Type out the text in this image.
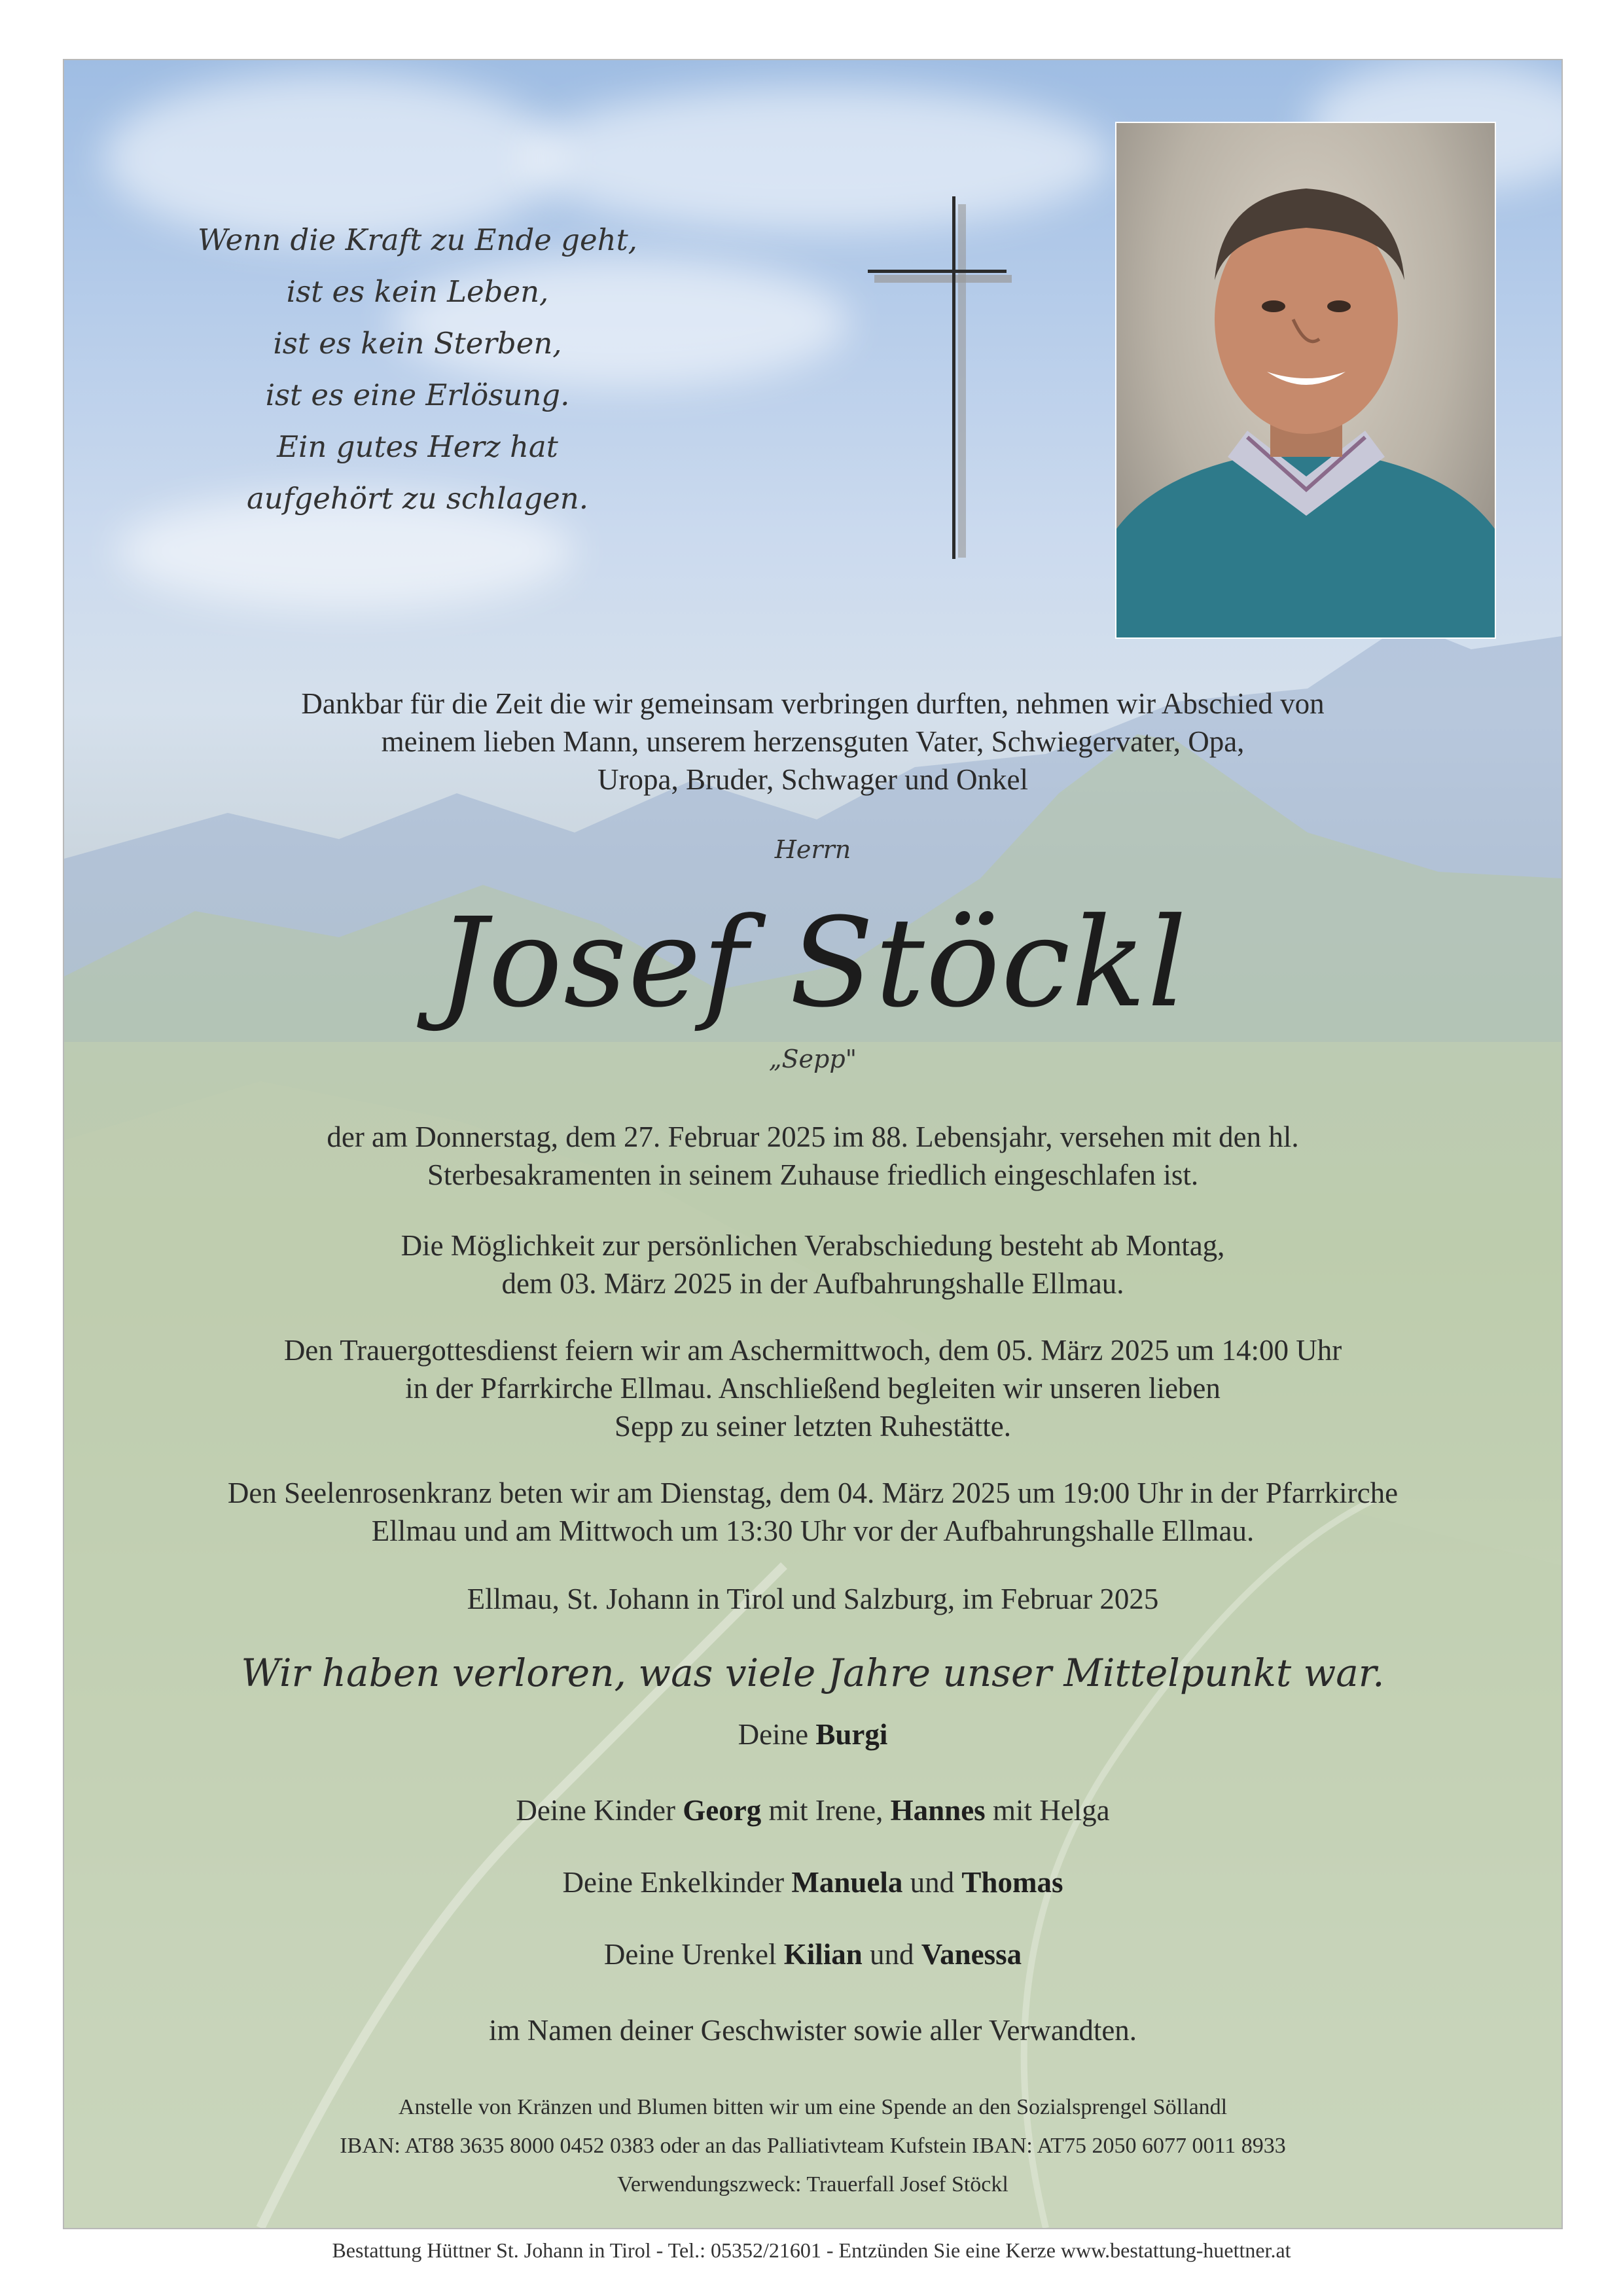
Wenn die Kraft zu Ende geht,
ist es kein Leben,
ist es kein Sterben,
ist es eine Erlösung.
Ein gutes Herz hat
aufgehört zu schlagen.
Dankbar für die Zeit die wir gemeinsam verbringen durften, nehmen wir Abschied von
meinem lieben Mann, unserem herzensguten Vater, Schwiegervater, Opa,
Uropa, Bruder, Schwager und Onkel
Herrn
Josef Stöckl
„Sepp"
der am Donnerstag, dem 27. Februar 2025 im 88. Lebensjahr, versehen mit den hl.
Sterbesakramenten in seinem Zuhause friedlich eingeschlafen ist.
Die Möglichkeit zur persönlichen Verabschiedung besteht ab Montag,
dem 03. März 2025 in der Aufbahrungshalle Ellmau.
Den Trauergottesdienst feiern wir am Aschermittwoch, dem 05. März 2025 um 14:00 Uhr
in der Pfarrkirche Ellmau. Anschließend begleiten wir unseren lieben
Sepp zu seiner letzten Ruhestätte.
Den Seelenrosenkranz beten wir am Dienstag, dem 04. März 2025 um 19:00 Uhr in der Pfarrkirche
Ellmau und am Mittwoch um 13:30 Uhr vor der Aufbahrungshalle Ellmau.
Ellmau, St. Johann in Tirol und Salzburg, im Februar 2025
Wir haben verloren, was viele Jahre unser Mittelpunkt war.
Deine Burgi
Deine Kinder Georg mit Irene, Hannes mit Helga
Deine Enkelkinder Manuela und Thomas
Deine Urenkel Kilian und Vanessa
im Namen deiner Geschwister sowie aller Verwandten.
Anstelle von Kränzen und Blumen bitten wir um eine Spende an den Sozialsprengel Söllandl
IBAN: AT88 3635 8000 0452 0383 oder an das Palliativteam Kufstein IBAN: AT75 2050 6077 0011 8933
Verwendungszweck: Trauerfall Josef Stöckl
Bestattung Hüttner St. Johann in Tirol - Tel.: 05352/21601 - Entzünden Sie eine Kerze www.bestattung-huettner.at
